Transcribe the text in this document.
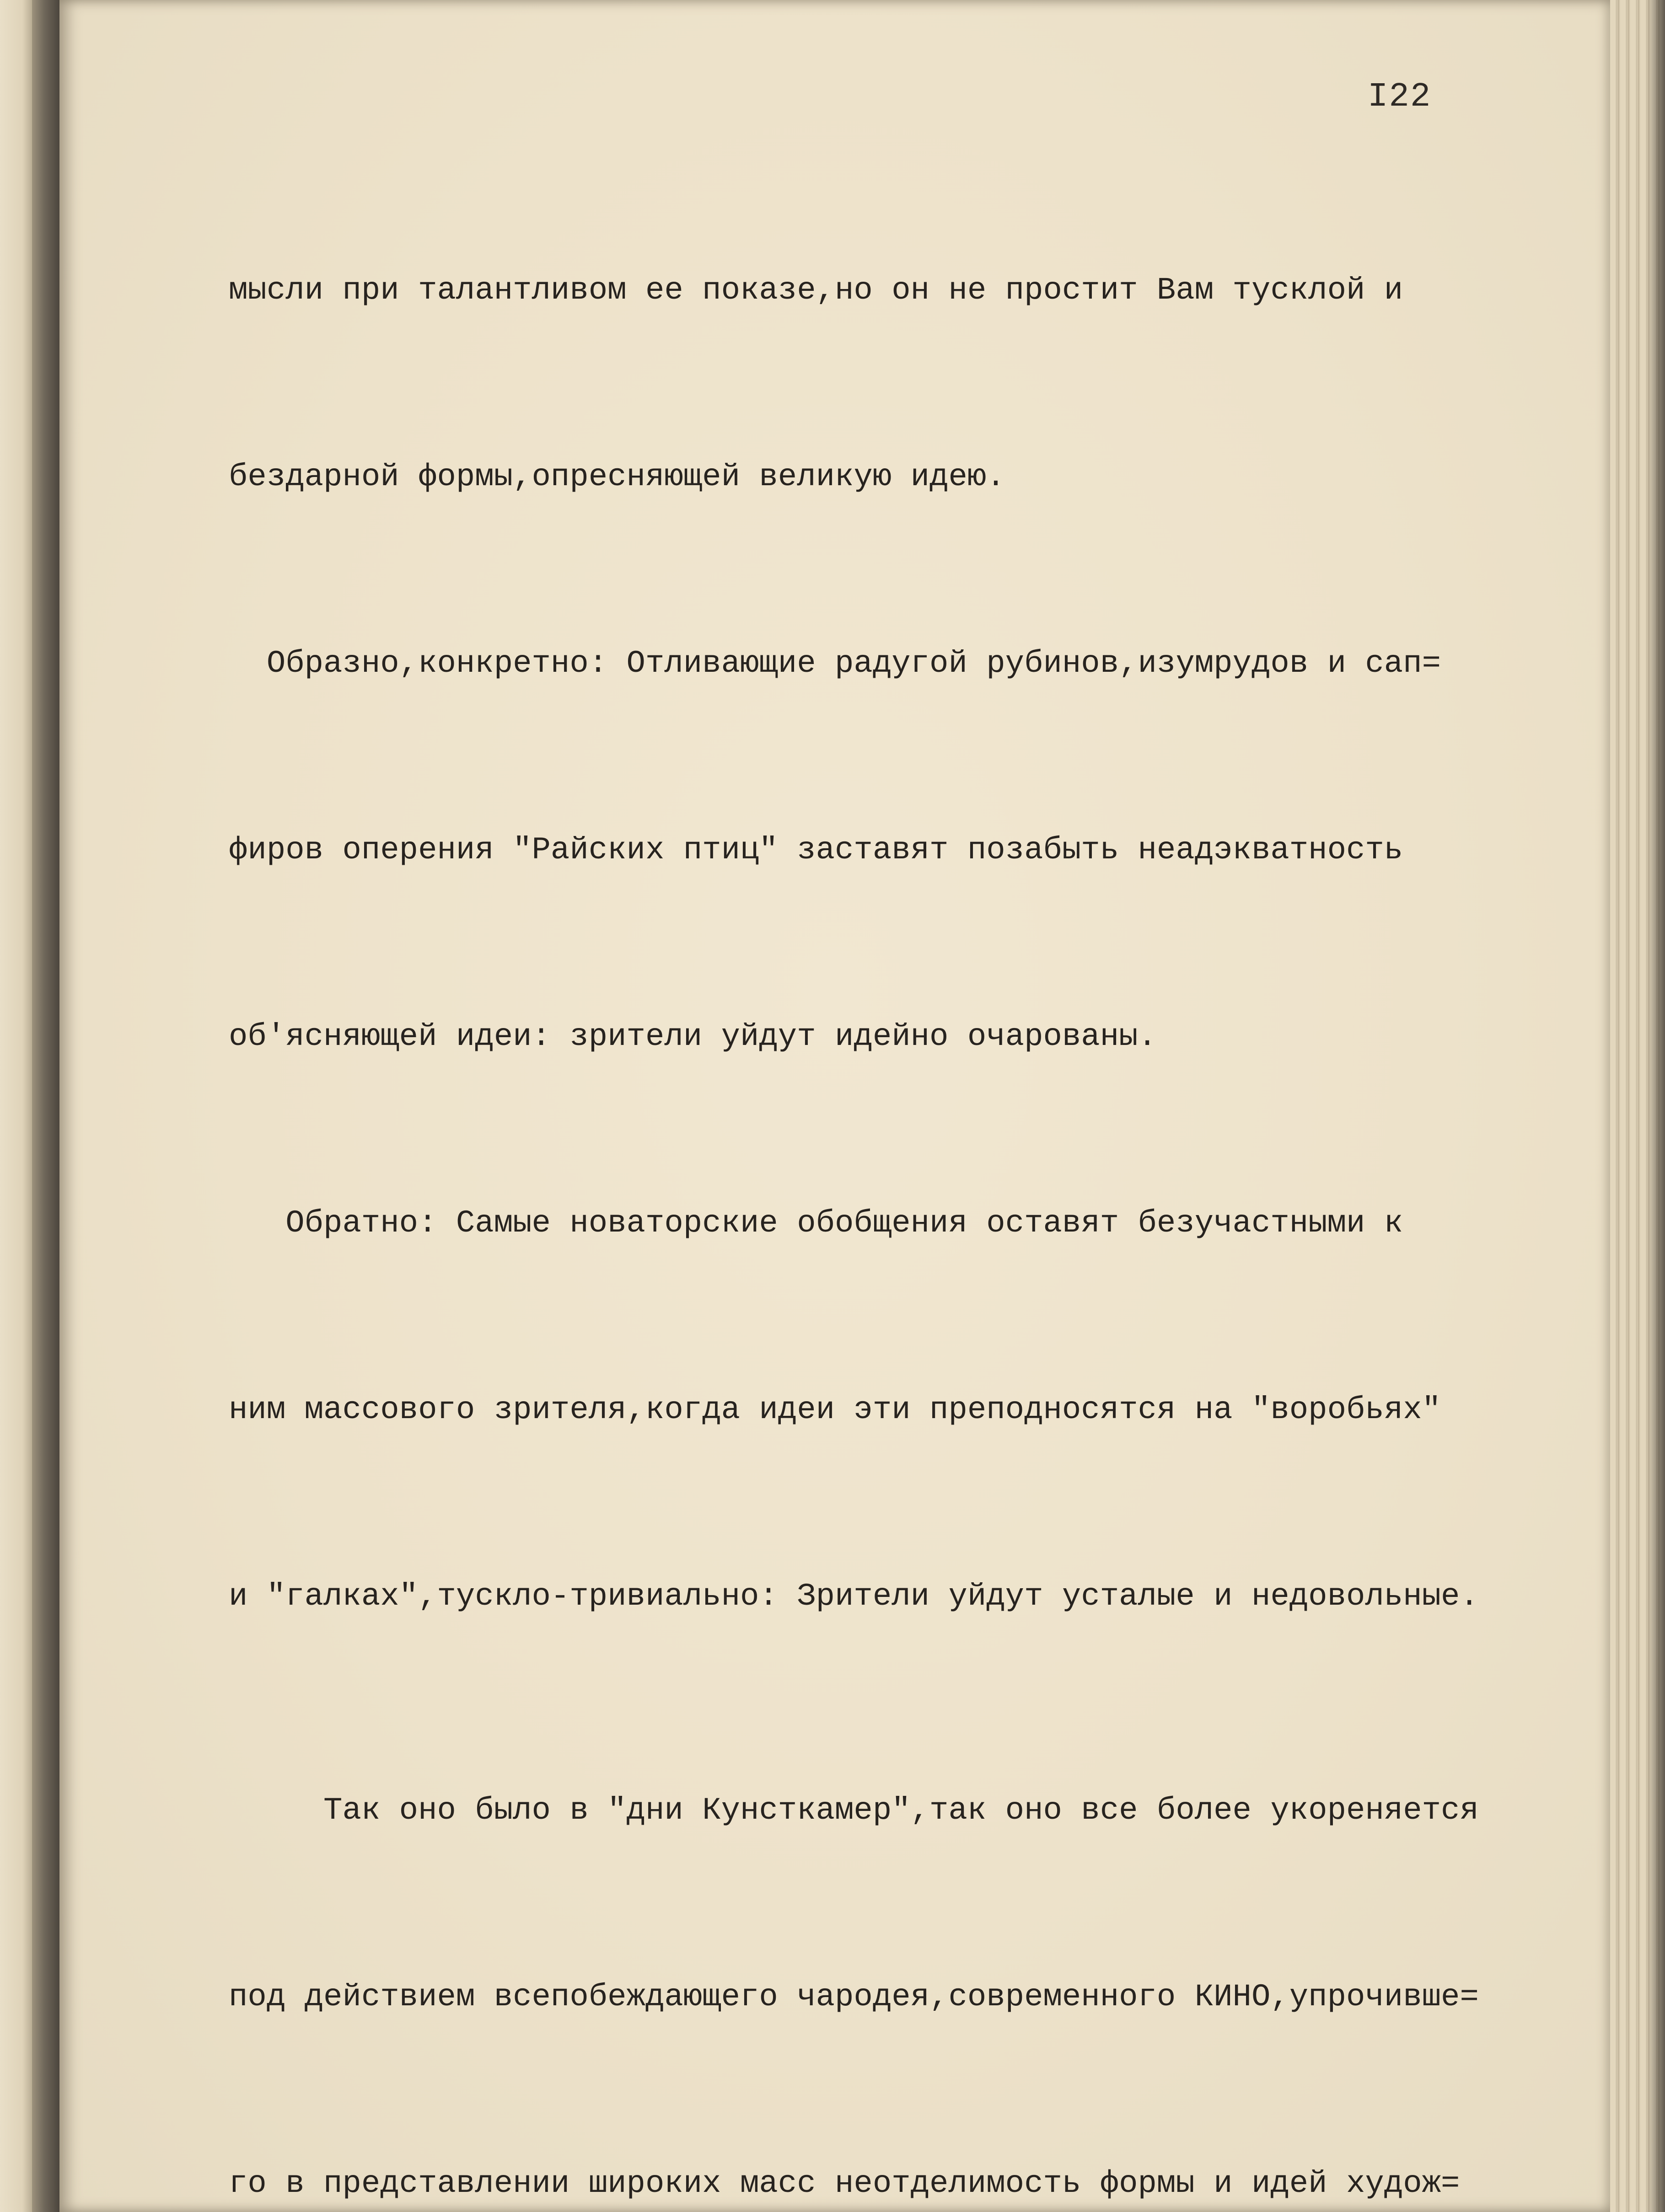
I22

мысли при талантливом ее показе,но он не простит Вам тусклой и

бездарной формы,опресняющей великую идею.

Образно,конкретно: Отливающие радугой рубинов,изумрудов и сап=

фиров оперения "Райских птиц" заставят позабыть неадэкватность

об'ясняющей идеи: зрители уйдут идейно очарованы.

Обратно: Самые новаторские обобщения оставят безучастными к

ним массового зрителя,когда идеи эти преподносятся на "воробьях"

и "галках",тускло-тривиально: Зрители уйдут усталые и недовольные.

Так оно было в "дни Кунсткамер",так оно все более укореняется

под действием всепобеждающего чародея,современного КИНО,упрочивше=

го в представлении широких масс неотделимость формы и идей худож=
